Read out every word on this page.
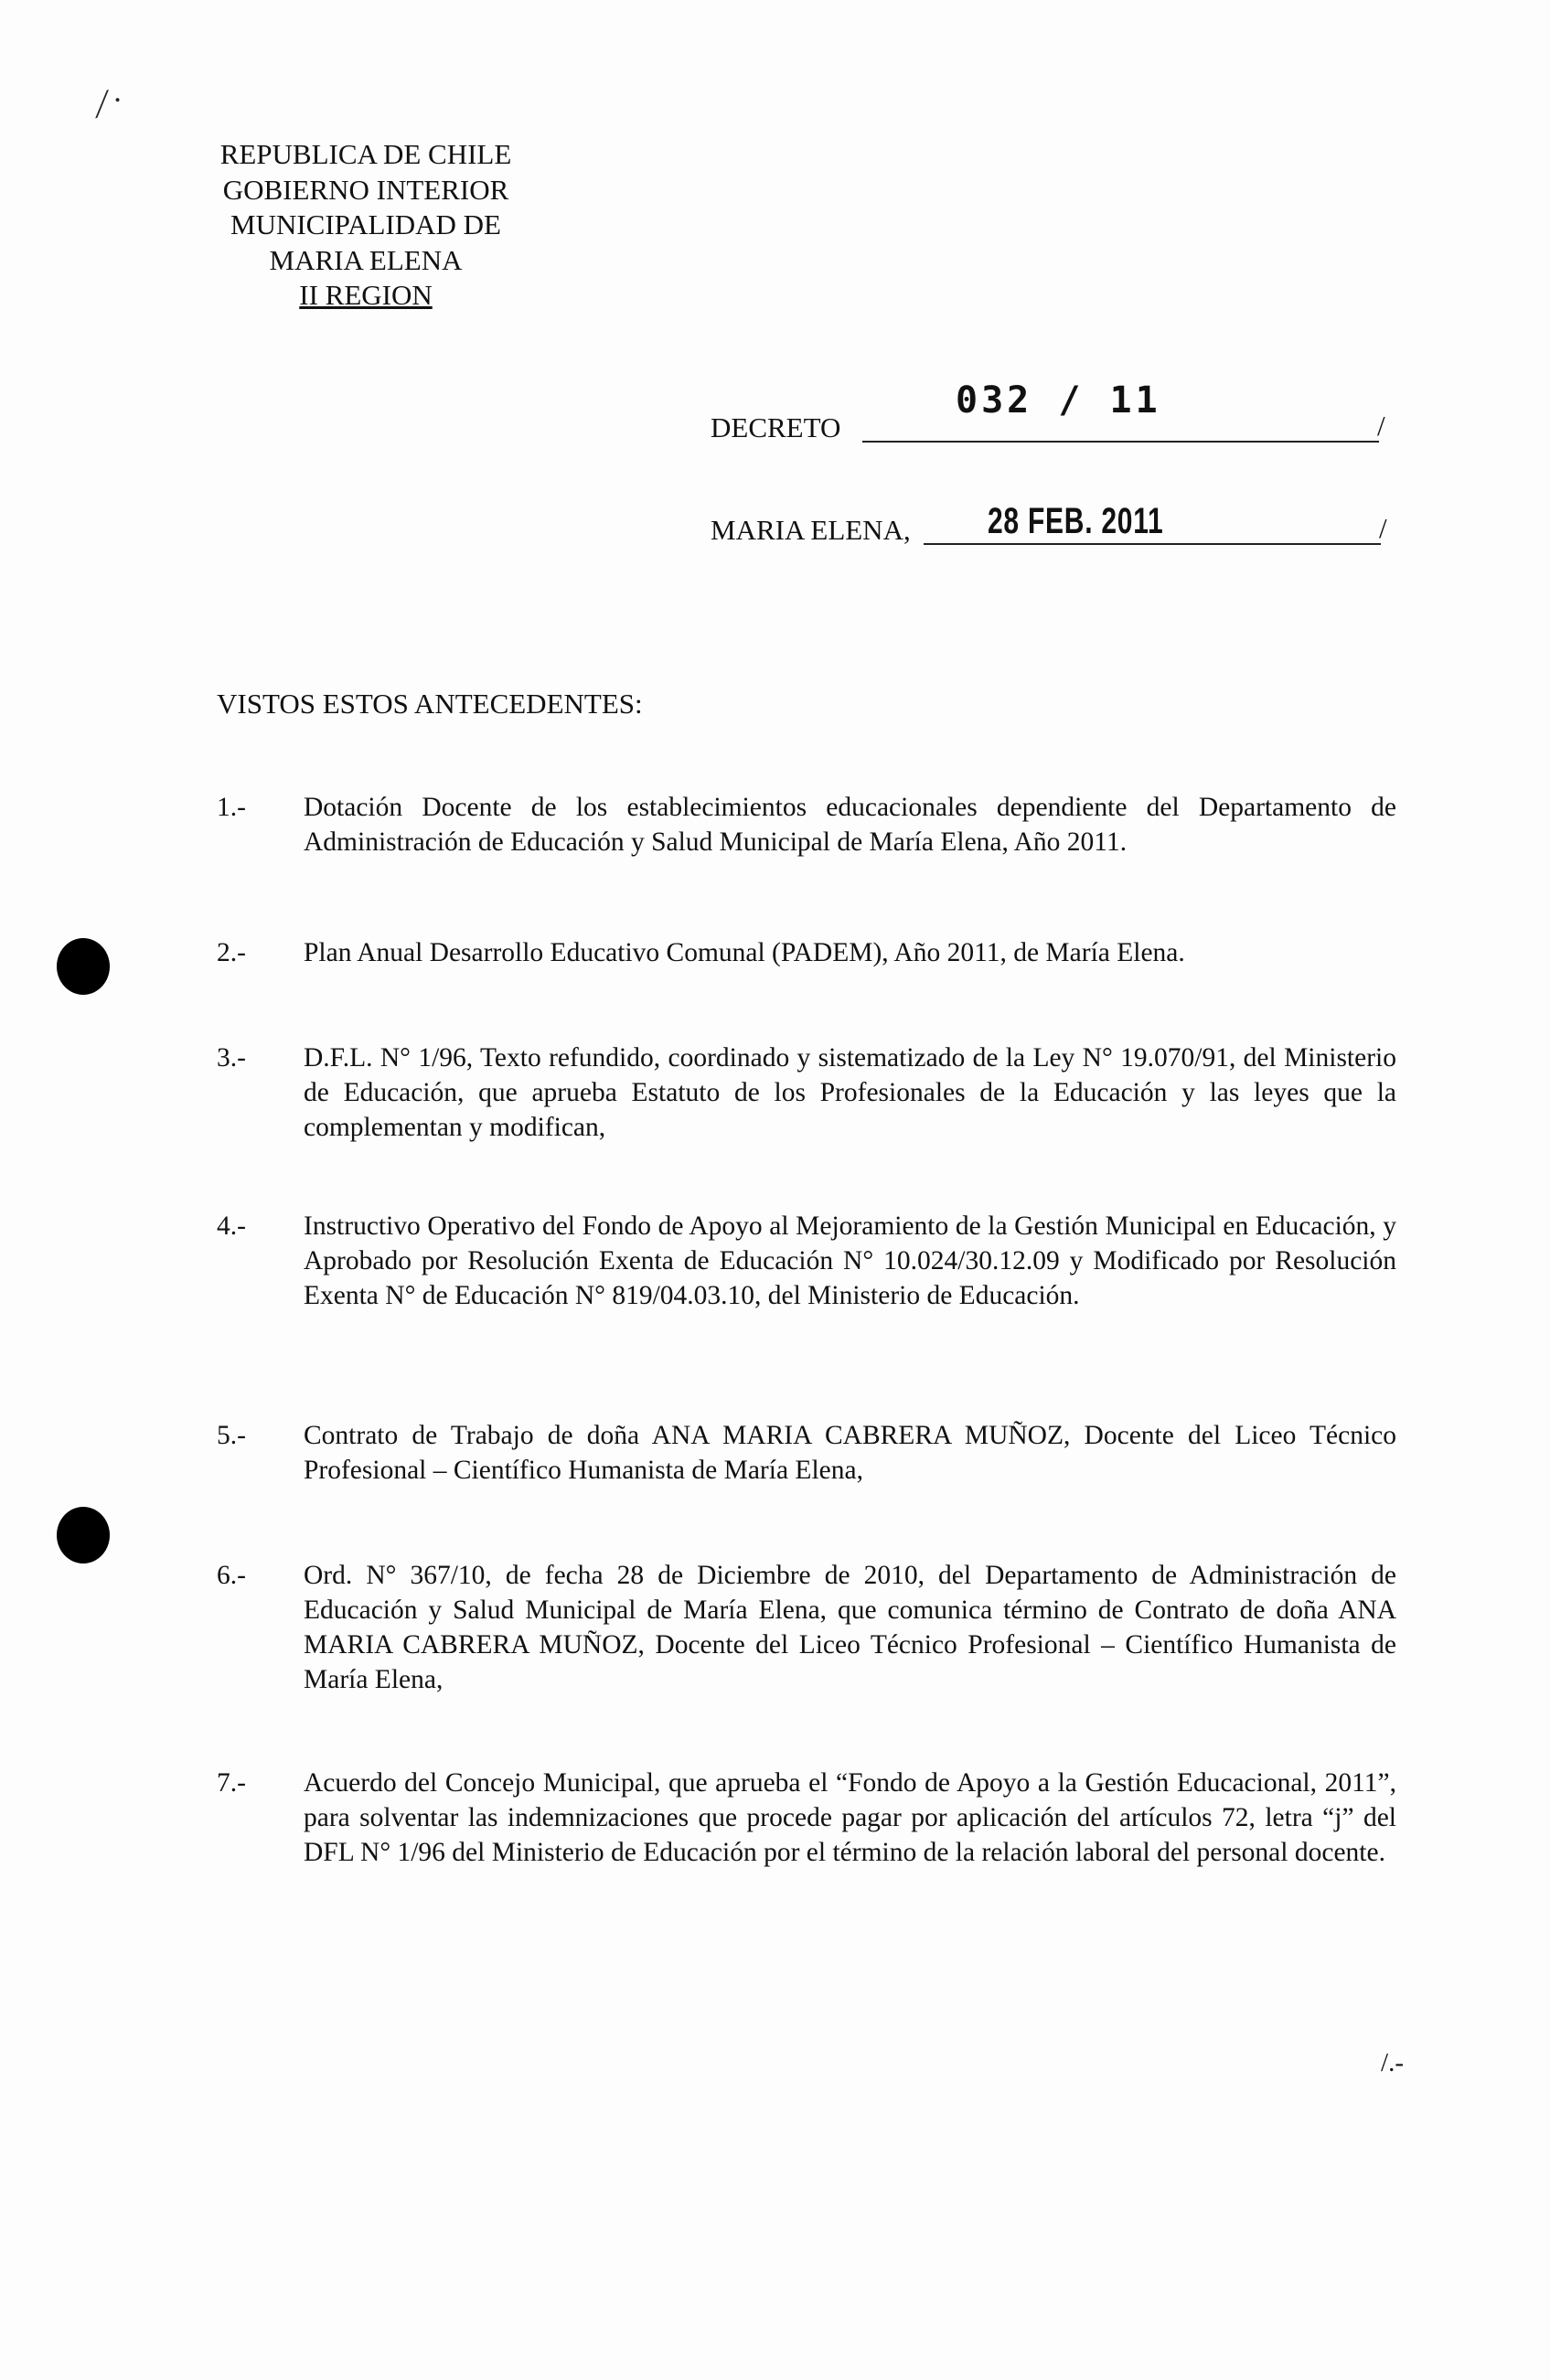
⟋·
REPUBLICA DE CHILE
GOBIERNO INTERIOR
MUNICIPALIDAD DE
MARIA ELENA
II REGION
DECRETO
032 / 11
/
MARIA ELENA, 28 FEB. 2011	/
VISTOS ESTOS ANTECEDENTES:
1.- Dotación Docente de los establecimientos educacionales dependiente del Departamento de Administración de Educación y Salud Municipal de María Elena, Año 2011.
2.- Plan Anual Desarrollo Educativo Comunal (PADEM), Año 2011, de María Elena.
3.- D.F.L. N° 1/96, Texto refundido, coordinado y sistematizado de la Ley N° 19.070/91, del Ministerio de Educación, que aprueba Estatuto de los Profesionales de la Educación y las leyes que la complementan y modifican,
4.- Instructivo Operativo del Fondo de Apoyo al Mejoramiento de la Gestión Municipal en Educación, y Aprobado por Resolución Exenta de Educación N° 10.024/30.12.09 y Modificado por Resolución Exenta N° de Educación N° 819/04.03.10, del Ministerio de Educación.
5.- Contrato de Trabajo de doña ANA MARIA CABRERA MUÑOZ, Docente del Liceo Técnico Profesional – Científico Humanista de María Elena,
6.- Ord. N° 367/10, de fecha 28 de Diciembre de 2010, del Departamento de Administración de Educación y Salud Municipal de María Elena, que comunica término de Contrato de doña ANA MARIA CABRERA MUÑOZ, Docente del Liceo Técnico Profesional – Científico Humanista de María Elena,
7.- Acuerdo del Concejo Municipal, que aprueba el “Fondo de Apoyo a la Gestión Educacional, 2011”, para solventar las indemnizaciones que procede pagar por aplicación del artículos 72, letra “j” del DFL N° 1/96 del Ministerio de Educación por el término de la relación laboral del personal docente.
/.-
